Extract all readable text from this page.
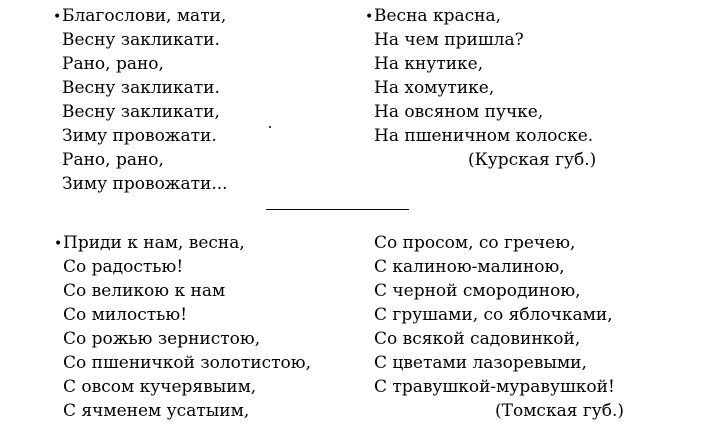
•Благослови, мати,
Весну закликати.
Рано, рано,
Весну закликати.
Весну закликати,
Зиму провожати.
Рано, рано,
Зиму провожати...
•Весна красна,
На чем пришла?
На кнутике,
На хомутике,
На овсяном пучке,
На пшеничном колоске.
(Курская губ.)
•Приди к нам, весна,
Со радостью!
Со великою к нам
Со милостью!
Со рожью зернистою,
Со пшеничкой золотистою,
С овсом кучерявыим,
С ячменем усатыим,
Со просом, со гречею,
С калиною-малиною,
С черной смородиною,
С грушами, со яблочками,
Со всякой садовинкой,
С цветами лазоревыми,
С травушкой-муравушкой!
(Томская губ.)
